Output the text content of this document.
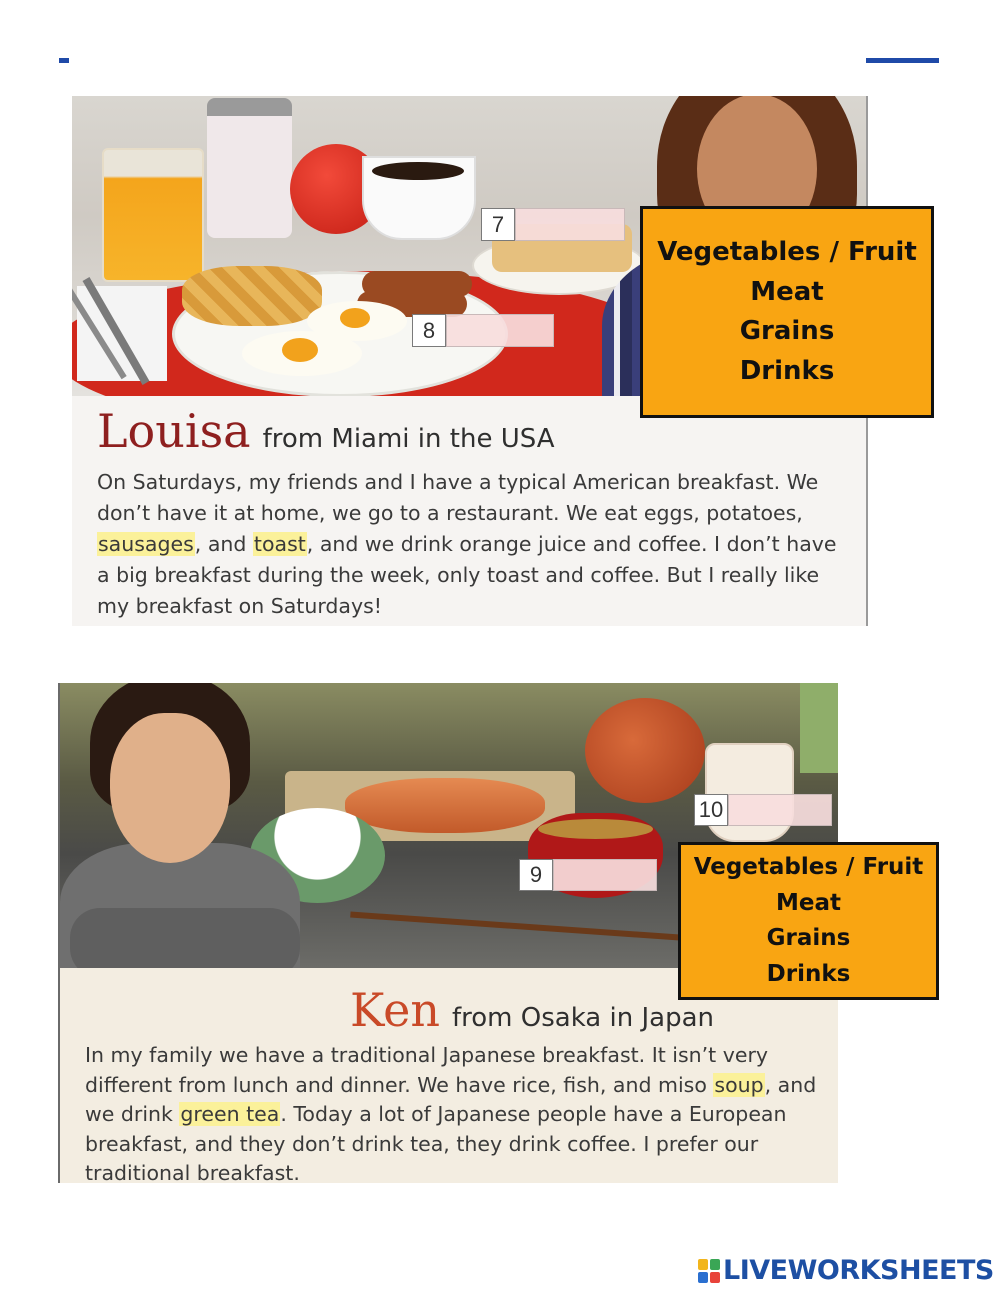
Louisa from Miami in the USA
On Saturdays, my friends and I have a typical American breakfast. We don’t have it at home, we go to a restaurant. We eat eggs, potatoes, sausages, and toast, and we drink orange juice and coffee. I don’t have a big breakfast during the week, only toast and coffee. But I really like my breakfast on Saturdays!
7
8
Ken from Osaka in Japan
In my family we have a traditional Japanese breakfast. It isn’t very different from lunch and dinner. We have rice, fish, and miso soup, and we drink green tea. Today a lot of Japanese people have a European breakfast, and they don’t drink tea, they drink coffee. I prefer our traditional breakfast.
10
9
Vegetables / Fruit
Meat
Grains
Drinks
Vegetables / Fruit
Meat
Grains
Drinks
LIVEWORKSHEETS
